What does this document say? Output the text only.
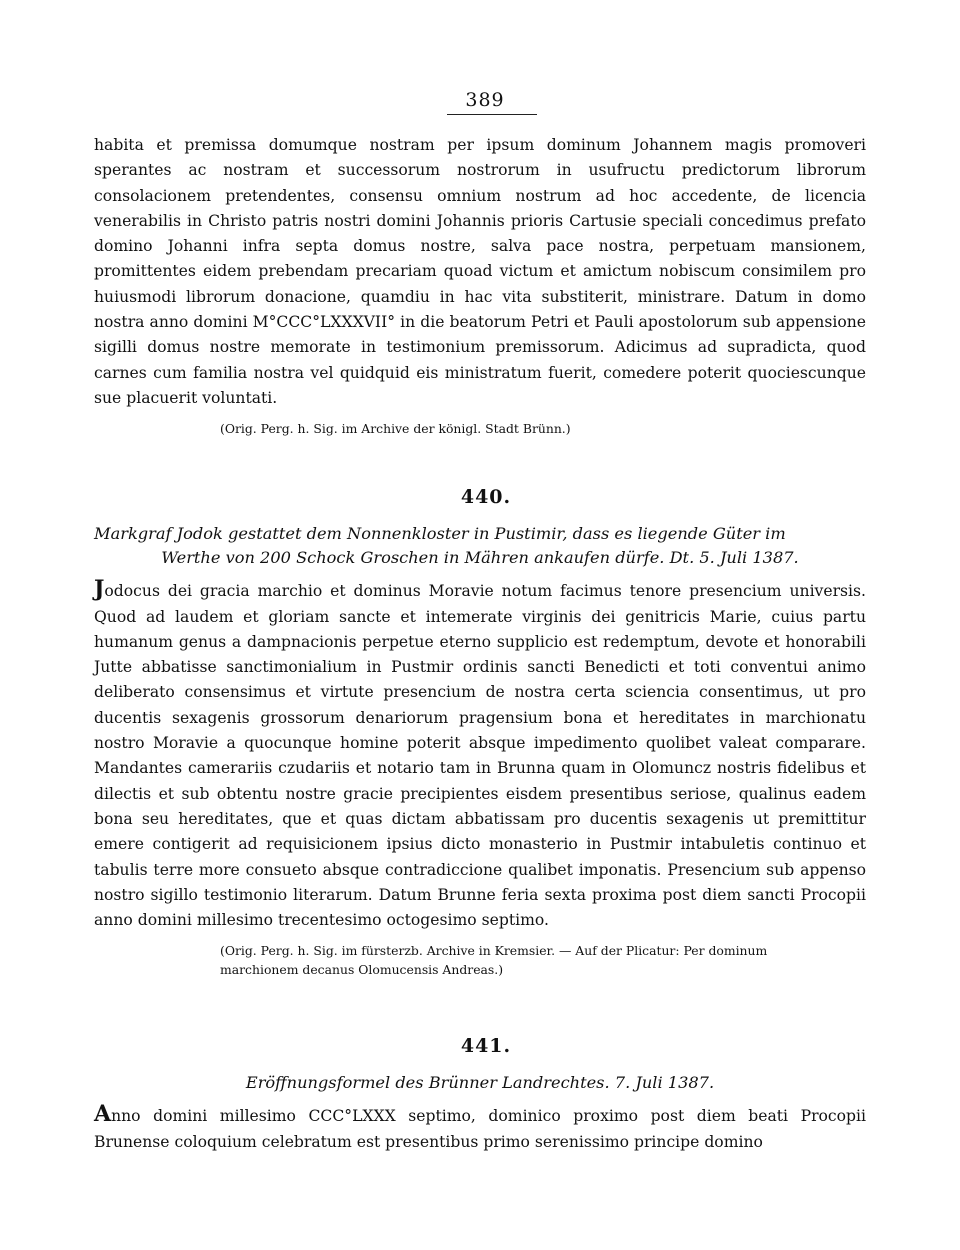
389

habita et premissa domumque nostram per ipsum dominum Johannem magis promoveri sperantes ac nostram et successorum nostrorum in usufructu predictorum librorum consolacionem pretendentes, consensu omnium nostrum ad hoc accedente, de licencia venerabilis in Christo patris nostri domini Johannis prioris Cartusie speciali concedimus prefato domino Johanni infra septa domus nostre, salva pace nostra, perpetuam mansionem, promittentes eidem prebendam precariam quoad victum et amictum nobiscum consimilem pro huiusmodi librorum donacione, quamdiu in hac vita substiterit, ministrare. Datum in domo nostra anno domini M°CCC°LXXXVII° in die beatorum Petri et Pauli apostolorum sub appensione sigilli domus nostre memorate in testimonium premissorum. Adicimus ad supradicta, quod carnes cum familia nostra vel quidquid eis ministratum fuerit, comedere poterit quociescunque sue placuerit voluntati.

(Orig. Perg. h. Sig. im Archive der königl. Stadt Brünn.)
440.

Markgraf Jodok gestattet dem Nonnenkloster in Pustimir, dass es liegende Güter im

Werthe von 200 Schock Groschen in Mähren ankaufen dürfe. Dt. 5. Juli 1387.

Jodocus dei gracia marchio et dominus Moravie notum facimus tenore presencium universis. Quod ad laudem et gloriam sancte et intemerate virginis dei genitricis Marie, cuius partu humanum genus a dampnacionis perpetue eterno supplicio est redemptum, devote et honorabili Jutte abbatisse sanctimonialium in Pustmir ordinis sancti Benedicti et toti conventui animo deliberato consensimus et virtute presencium de nostra certa sciencia consentimus, ut pro ducentis sexagenis grossorum denariorum pragensium bona et hereditates in marchionatu nostro Moravie a quocunque homine poterit absque impedimento quolibet valeat comparare. Mandantes camerariis czudariis et notario tam in Brunna quam in Olomuncz nostris fidelibus et dilectis et sub obtentu nostre gracie precipientes eisdem presentibus seriose, qualinus eadem bona seu hereditates, que et quas dictam abbatissam pro ducentis sexagenis ut premittitur emere contigerit ad requisicionem ipsius dicto monasterio in Pustmir intabuletis continuo et tabulis terre more consueto absque contradiccione qualibet imponatis. Presencium sub appenso nostro sigillo testimonio literarum. Datum Brunne feria sexta proxima post diem sancti Procopii anno domini millesimo trecentesimo octogesimo septimo.

(Orig. Perg. h. Sig. im fürsterzb. Archive in Kremsier. — Auf der Plicatur: Per dominum
marchionem decanus Olomucensis Andreas.)
441.

Eröffnungsformel des Brünner Landrechtes. 7. Juli 1387.

Anno domini millesimo CCC°LXXX septimo, dominico proximo post diem beati Procopii Brunense coloquium celebratum est presentibus primo serenissimo principe domino
